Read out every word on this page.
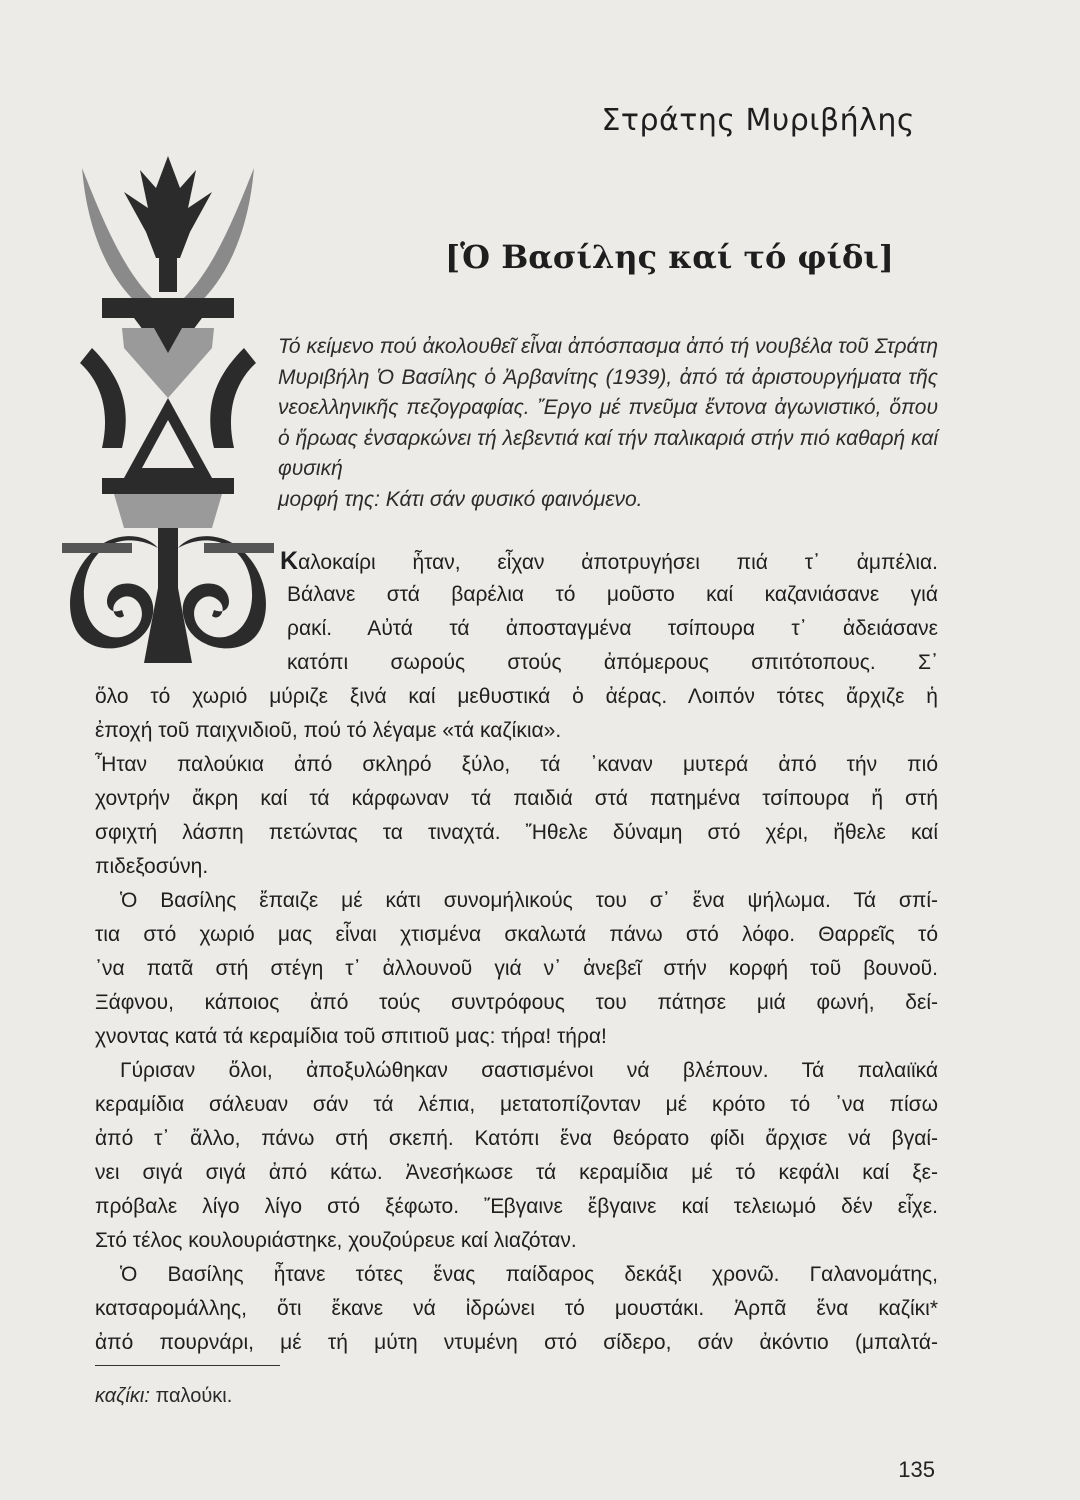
Στράτης Μυριβήλης
[Ὁ Βασίλης καί τό φίδι]
Τό κείμενο πού ἀκολουθεῖ εἶναι ἀπόσπασμα ἀπό τή νουβέλα τοῦ Στράτη Μυριβήλη Ὁ Βασίλης ὁ Ἀρβανίτης (1939), ἀπό τά ἀριστουργήματα τῆς νεοελληνικῆς πεζογραφίας. Ἔργο μέ πνεῦμα ἔντονα ἀγωνιστικό, ὅπου ὁ ἥρωας ἐνσαρκώνει τή λεβεντιά καί τήν παλικαριά στήν πιό καθαρή καί φυσική
μορφή της: Κάτι σάν φυσικό φαινόμενο.
Καλοκαίρι ἦταν, εἶχαν ἀποτρυγήσει πιά τ᾿ ἀμπέλια.
Βάλανε στά βαρέλια τό μοῦστο καί καζανιάσανε γιά
ρακί. Αὐτά τά ἀποσταγμένα τσίπουρα τ᾿ ἀδειάσανε
κατόπι σωρούς στούς ἀπόμερους σπιτότοπους. Σ᾿
ὅλο τό χωριό μύριζε ξινά καί μεθυστικά ὁ ἀέρας. Λοιπόν τότες ἄρχιζε ἡ
ἐποχή τοῦ παιχνιδιοῦ, πού τό λέγαμε «τά καζίκια».
Ἦταν παλούκια ἀπό σκληρό ξύλο, τά ᾿καναν μυτερά ἀπό τήν πιό
χοντρήν ἄκρη καί τά κάρφωναν τά παιδιά στά πατημένα τσίπουρα ἤ στή
σφιχτή λάσπη πετώντας τα τιναχτά. Ἤθελε δύναμη στό χέρι, ἤθελε καί
πιδεξοσύνη.
Ὁ Βασίλης ἔπαιζε μέ κάτι συνομήλικούς του σ᾿ ἕνα ψήλωμα. Τά σπί-
τια στό χωριό μας εἶναι χτισμένα σκαλωτά πάνω στό λόφο. Θαρρεῖς τό
᾿να πατᾶ στή στέγη τ᾿ ἀλλουνοῦ γιά ν᾿ ἀνεβεῖ στήν κορφή τοῦ βουνοῦ.
Ξάφνου, κάποιος ἀπό τούς συντρόφους του πάτησε μιά φωνή, δεί-
χνοντας κατά τά κεραμίδια τοῦ σπιτιοῦ μας: τήρα! τήρα!
Γύρισαν ὅλοι, ἀποξυλώθηκαν σαστισμένοι νά βλέπουν. Τά παλαιϊκά
κεραμίδια σάλευαν σάν τά λέπια, μετατοπίζονταν μέ κρότο τό ᾿να πίσω
ἀπό τ᾿ ἄλλο, πάνω στή σκεπή. Κατόπι ἕνα θεόρατο φίδι ἄρχισε νά βγαί-
νει σιγά σιγά ἀπό κάτω. Ἀνεσήκωσε τά κεραμίδια μέ τό κεφάλι καί ξε-
πρόβαλε λίγο λίγο στό ξέφωτο. Ἔβγαινε ἔβγαινε καί τελειωμό δέν εἶχε.
Στό τέλος κουλουριάστηκε, χουζούρευε καί λιαζόταν.
Ὁ Βασίλης ἦτανε τότες ἕνας παίδαρος δεκάξι χρονῶ. Γαλανομάτης,
κατσαρομάλλης, ὅτι ἔκανε νά ἱδρώνει τό μουστάκι. Ἁρπᾶ ἕνα καζίκι*
ἀπό πουρνάρι, μέ τή μύτη ντυμένη στό σίδερο, σάν ἀκόντιο (μπαλτά-
καζίκι: παλούκι.
135
